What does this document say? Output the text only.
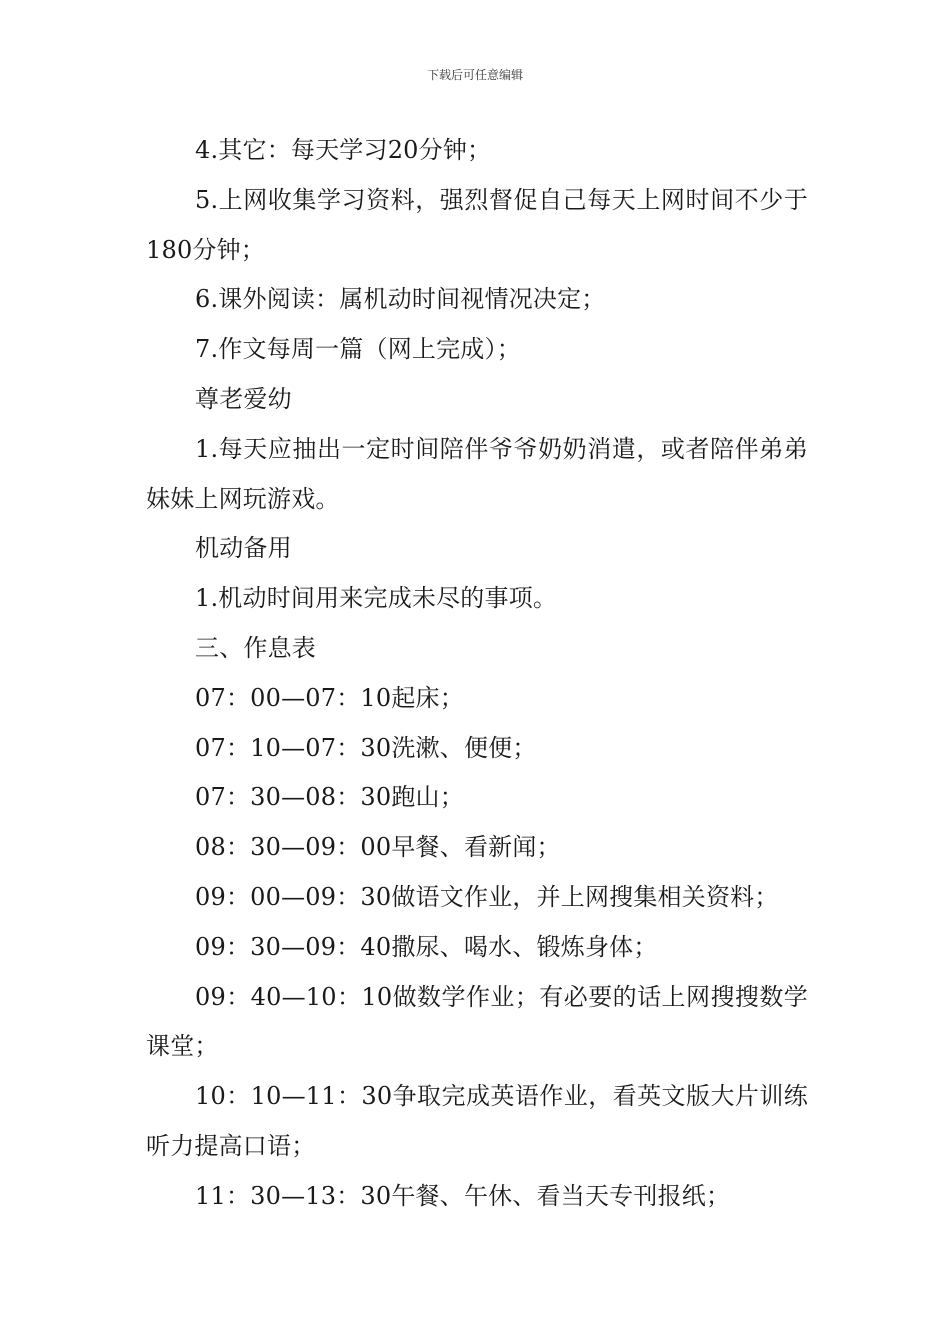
下载后可任意编辑

4.其它：每天学习20分钟；

5.上网收集学习资料，强烈督促自己每天上网时间不少于180分钟；

6.课外阅读：属机动时间视情况决定；

7.作文每周一篇（网上完成）；

尊老爱幼

1.每天应抽出一定时间陪伴爷爷奶奶消遣，或者陪伴弟弟妹妹上网玩游戏。

机动备用

1.机动时间用来完成未尽的事项。

三、作息表

07：00—07：10起床；

07：10—07：30洗漱、便便；

07：30—08：30跑山；

08：30—09：00早餐、看新闻；

09：00—09：30做语文作业，并上网搜集相关资料；

09：30—09：40撒尿、喝水、锻炼身体；

09：40—10：10做数学作业；有必要的话上网搜搜数学课堂；

10：10—11：30争取完成英语作业，看英文版大片训练听力提高口语；

11：30—13：30午餐、午休、看当天专刊报纸；
